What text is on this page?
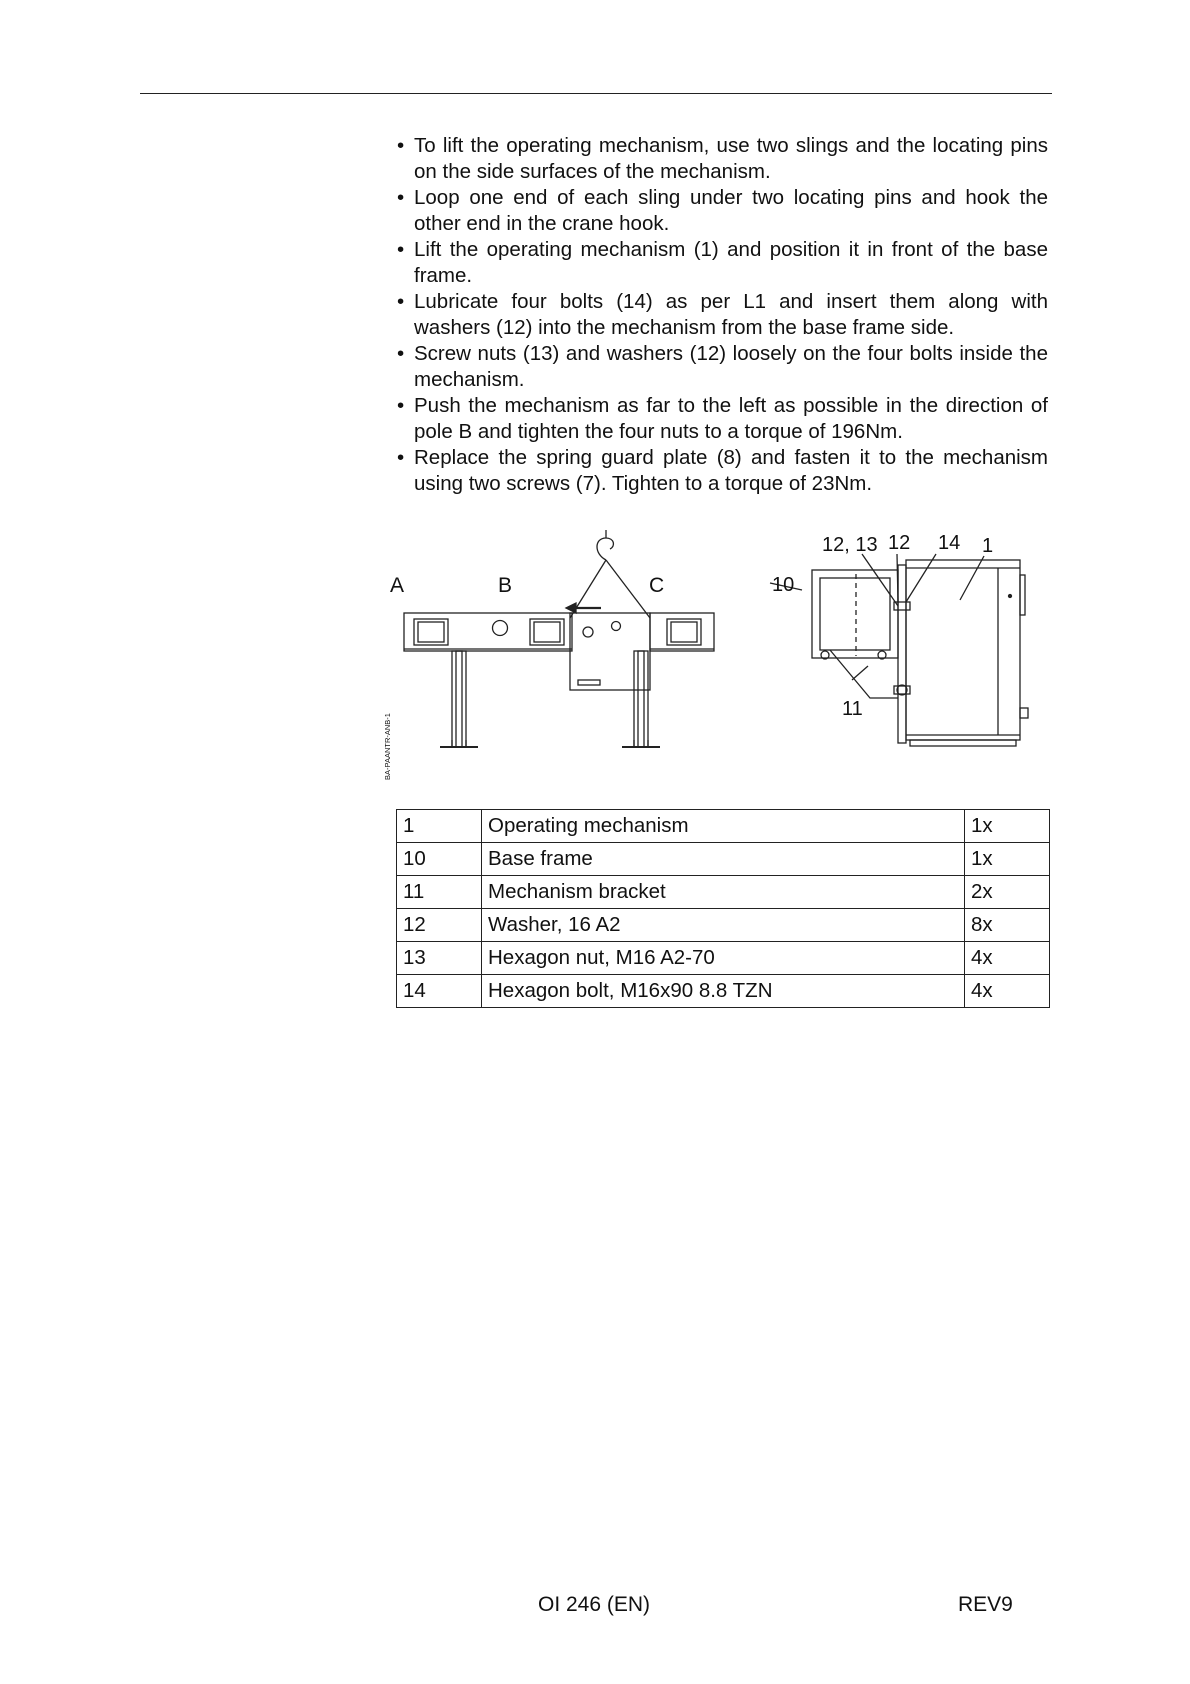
• To lift the operating mechanism, use two slings and the locating pins on the side surfaces of the mechanism.
• Loop one end of each sling under two locating pins and hook the other end in the crane hook.
• Lift the operating mechanism (1) and position it in front of the base frame.
• Lubricate four bolts (14) as per L1 and insert them along with washers (12) into the mechanism from the base frame side.
• Screw nuts (13) and washers (12) loosely on the four bolts inside the mechanism.
• Push the mechanism as far to the left as possible in the direction of pole B and tighten the four nuts to a torque of 196Nm.
• Replace the spring guard plate (8) and fasten it to the mechanism using two screws (7). Tighten to a torque of 23Nm.
A	B	C
12, 13 12 14 1
10
11
BA-PAANTR-ANB-1
1	Operating mechanism	1x
10	Base frame	1x
11	Mechanism bracket	2x
12	Washer, 16 A2	8x
13	Hexagon nut, M16 A2-70	4x
14	Hexagon bolt, M16x90 8.8 TZN	4x
OI 246 (EN)	REV9
